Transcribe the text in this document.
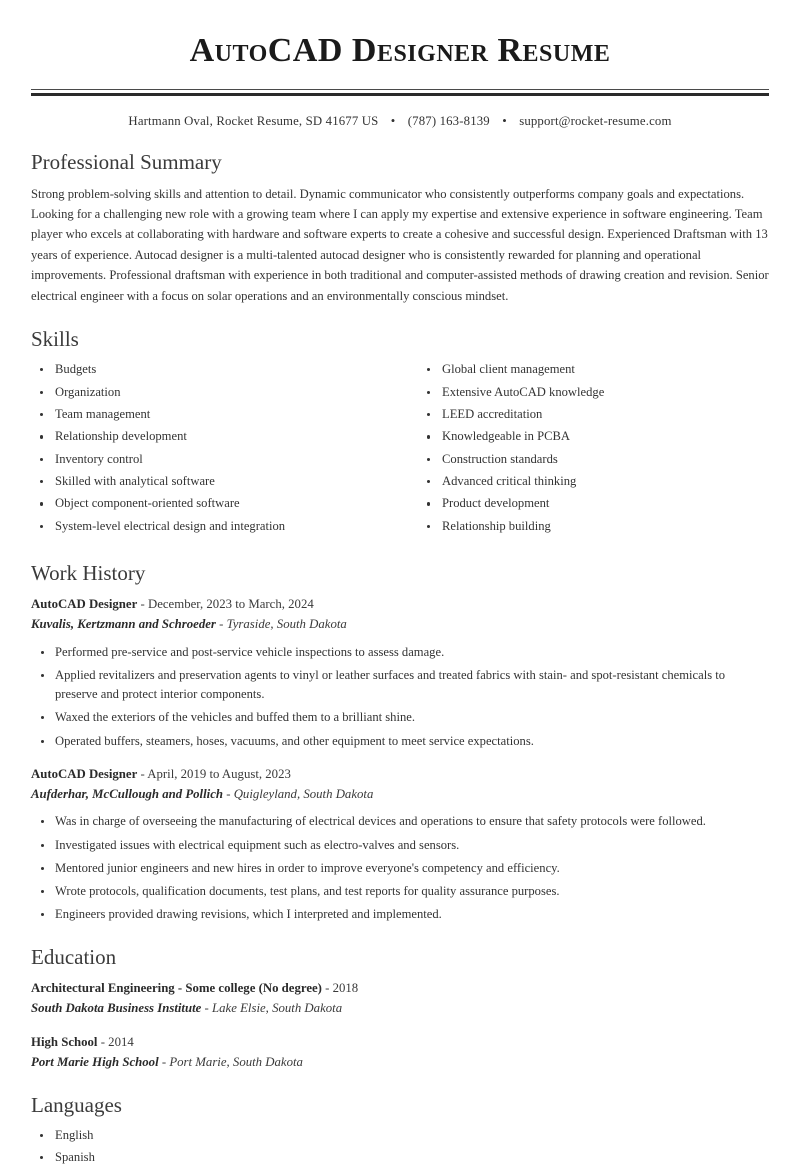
AutoCAD Designer Resume
Hartmann Oval, Rocket Resume, SD 41677 US • (787) 163-8139 • support@rocket-resume.com
Professional Summary

Strong problem-solving skills and attention to detail. Dynamic communicator who consistently outperforms company goals and expectations. Looking for a challenging new role with a growing team where I can apply my expertise and extensive experience in software engineering. Team player who excels at collaborating with hardware and software experts to create a cohesive and successful design. Experienced Draftsman with 13 years of experience. Autocad designer is a multi-talented autocad designer who is consistently rewarded for planning and operational improvements. Professional draftsman with experience in both traditional and computer-assisted methods of drawing creation and revision. Senior electrical engineer with a focus on solar operations and an environmentally conscious mindset.

Skills
Budgets
Organization
Team management
Relationship development
Inventory control
Skilled with analytical software
Object component-oriented software
System-level electrical design and integration
Global client management
Extensive AutoCAD knowledge
LEED accreditation
Knowledgeable in PCBA
Construction standards
Advanced critical thinking
Product development
Relationship building
Work History
AutoCAD Designer - December, 2023 to March, 2024
Kuvalis, Kertzmann and Schroeder - Tyraside, South Dakota
Performed pre-service and post-service vehicle inspections to assess damage.
Applied revitalizers and preservation agents to vinyl or leather surfaces and treated fabrics with stain- and spot-resistant chemicals to preserve and protect interior components.
Waxed the exteriors of the vehicles and buffed them to a brilliant shine.
Operated buffers, steamers, hoses, vacuums, and other equipment to meet service expectations.
AutoCAD Designer - April, 2019 to August, 2023
Aufderhar, McCullough and Pollich - Quigleyland, South Dakota
Was in charge of overseeing the manufacturing of electrical devices and operations to ensure that safety protocols were followed.
Investigated issues with electrical equipment such as electro-valves and sensors.
Mentored junior engineers and new hires in order to improve everyone's competency and efficiency.
Wrote protocols, qualification documents, test plans, and test reports for quality assurance purposes.
Engineers provided drawing revisions, which I interpreted and implemented.
Education
Architectural Engineering - Some college (No degree) - 2018
South Dakota Business Institute - Lake Elsie, South Dakota
High School - 2014
Port Marie High School - Port Marie, South Dakota
Languages
English
Spanish
